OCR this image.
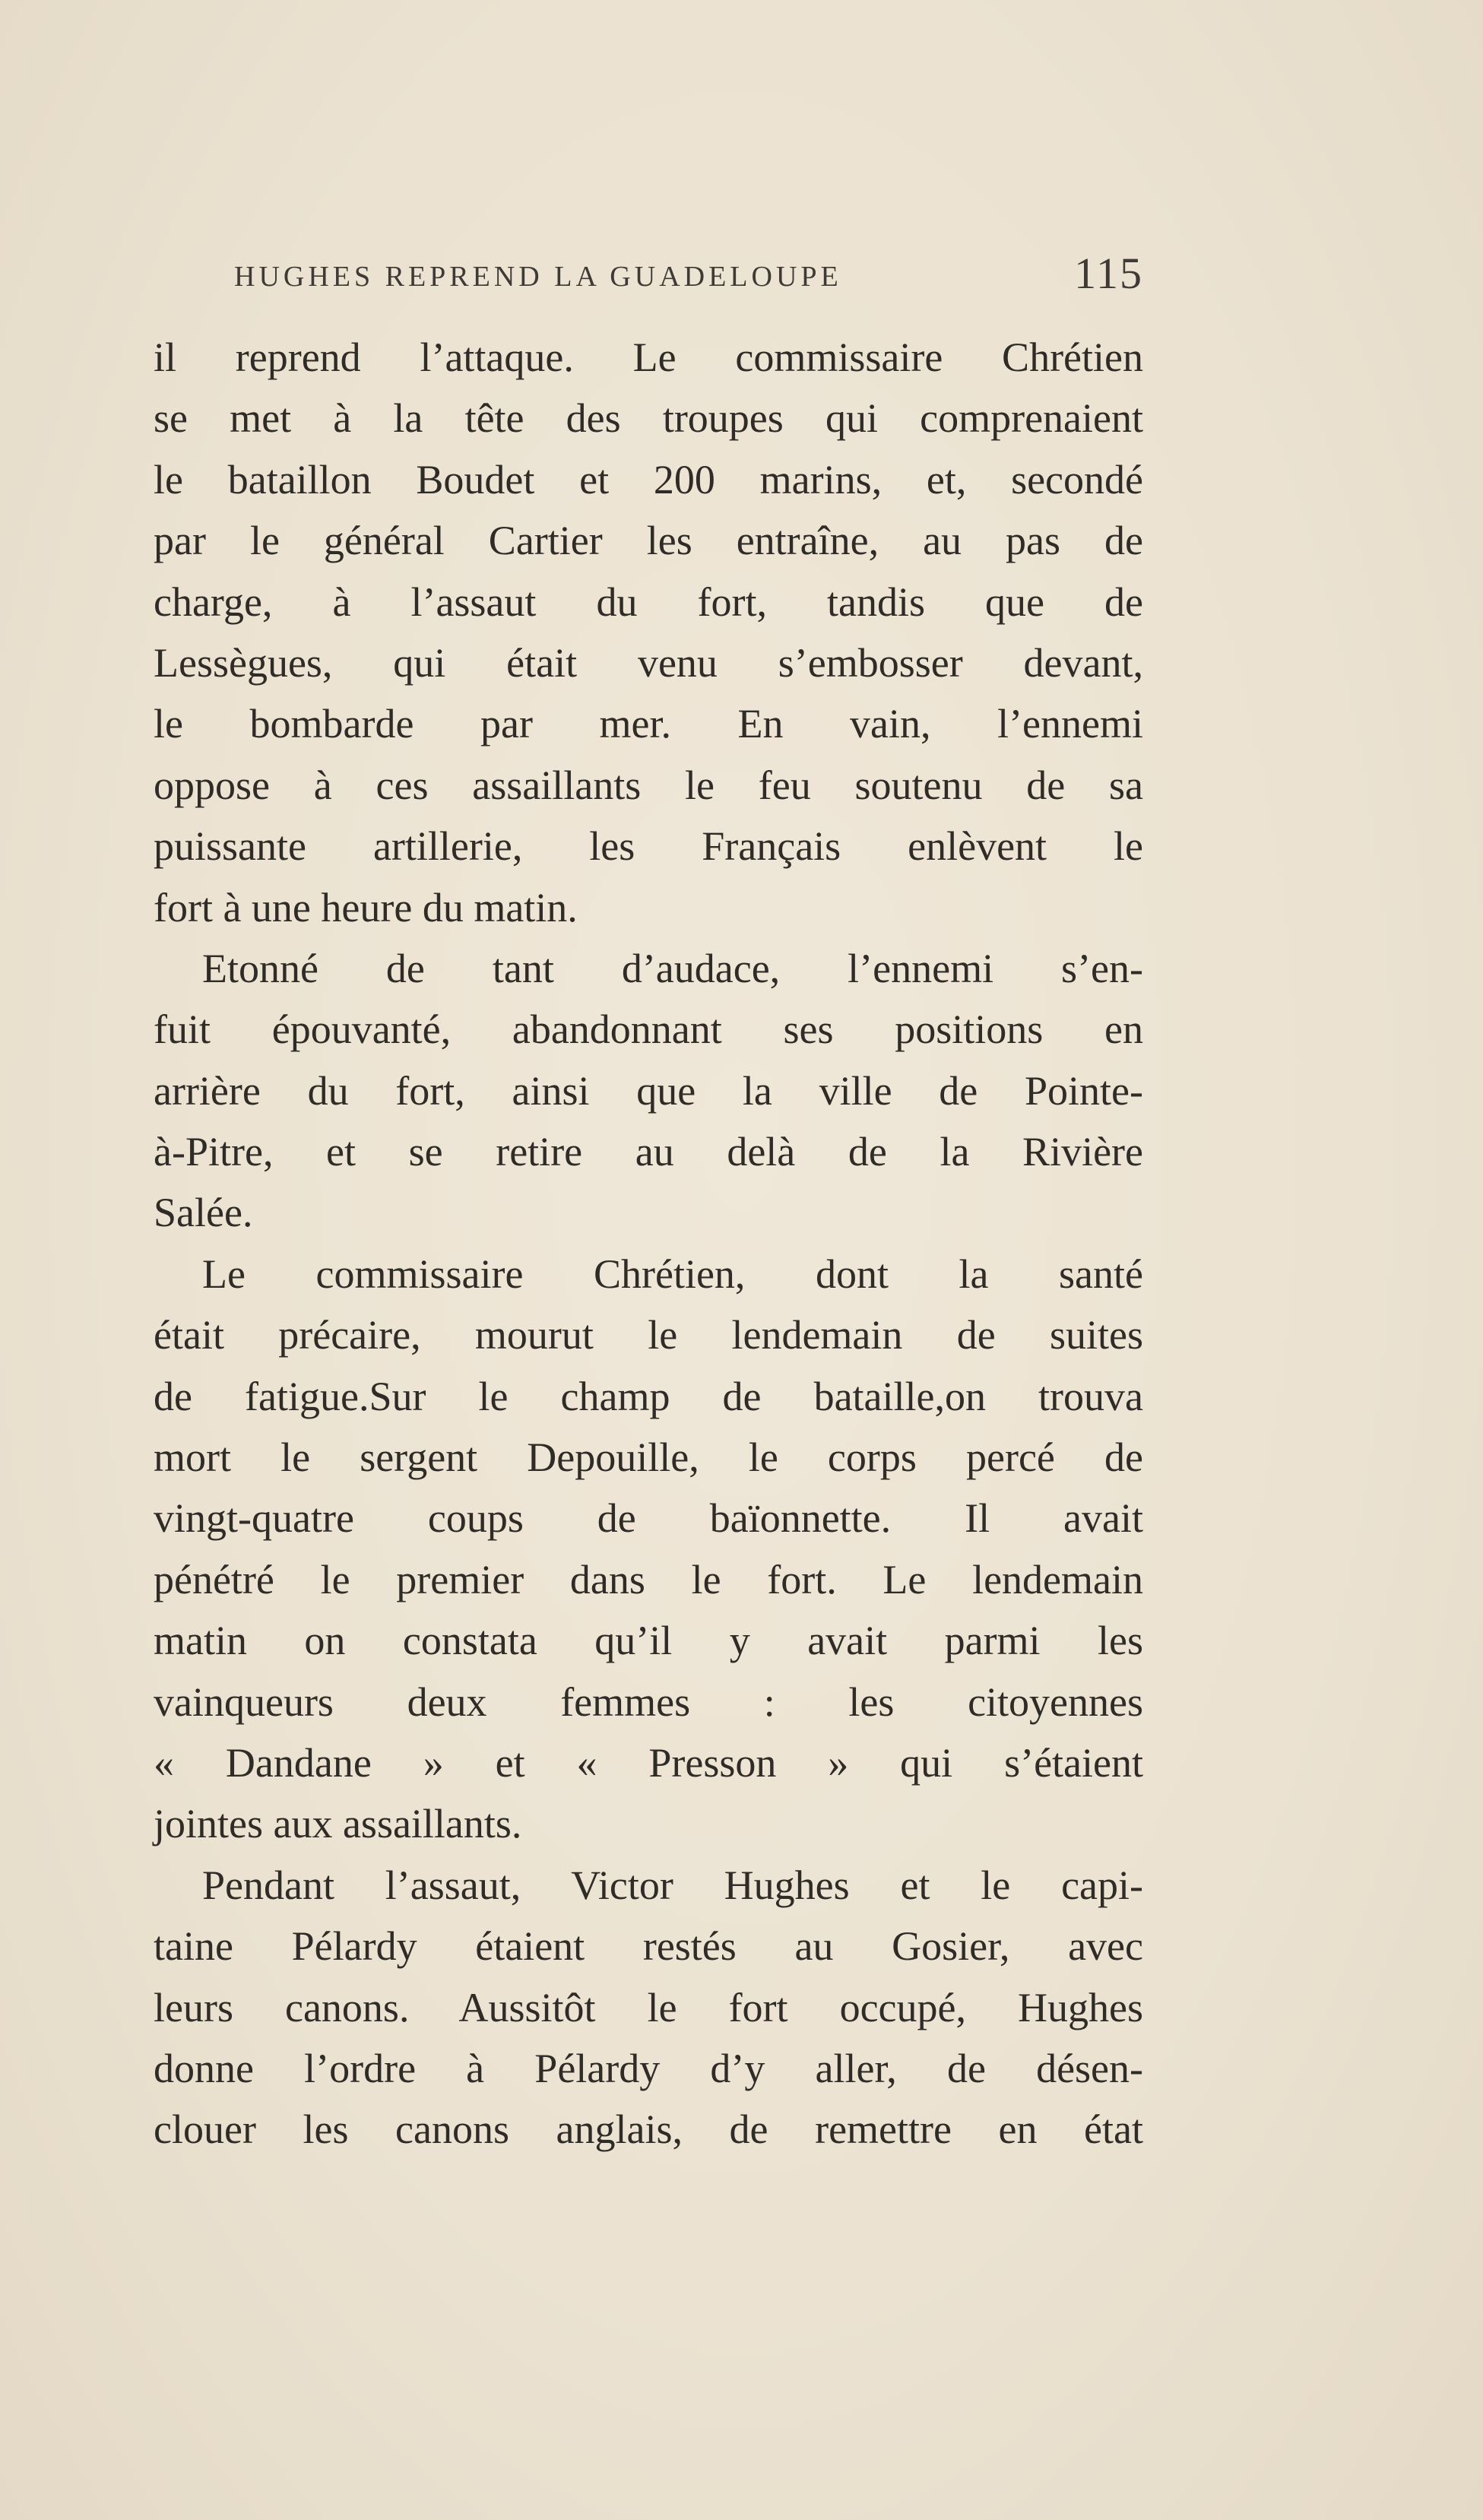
HUGHES REPREND LA GUADELOUPE	115
il reprend l’attaque. Le commissaire Chrétien
se met à la tête des troupes qui comprenaient
le bataillon Boudet et 200 marins, et, secondé
par le général Cartier les entraîne, au pas de
charge, à l’assaut du fort, tandis que de
Lessègues, qui était venu s’embosser devant,
le bombarde par mer. En vain, l’ennemi
oppose à ces assaillants le feu soutenu de sa
puissante artillerie, les Français enlèvent le
fort à une heure du matin.
Etonné de tant d’audace, l’ennemi s’en-
fuit épouvanté, abandonnant ses positions en
arrière du fort, ainsi que la ville de Pointe-
à-Pitre, et se retire au delà de la Rivière
Salée.
Le commissaire Chrétien, dont la santé
était précaire, mourut le lendemain de suites
de fatigue.Sur le champ de bataille,on trouva
mort le sergent Depouille, le corps percé de
vingt-quatre coups de baïonnette. Il avait
pénétré le premier dans le fort. Le lendemain
matin on constata qu’il y avait parmi les
vainqueurs deux femmes : les citoyennes
« Dandane » et « Presson » qui s’étaient
jointes aux assaillants.
Pendant l’assaut, Victor Hughes et le capi-
taine Pélardy étaient restés au Gosier, avec
leurs canons. Aussitôt le fort occupé, Hughes
donne l’ordre à Pélardy d’y aller, de désen-
clouer les canons anglais, de remettre en état
